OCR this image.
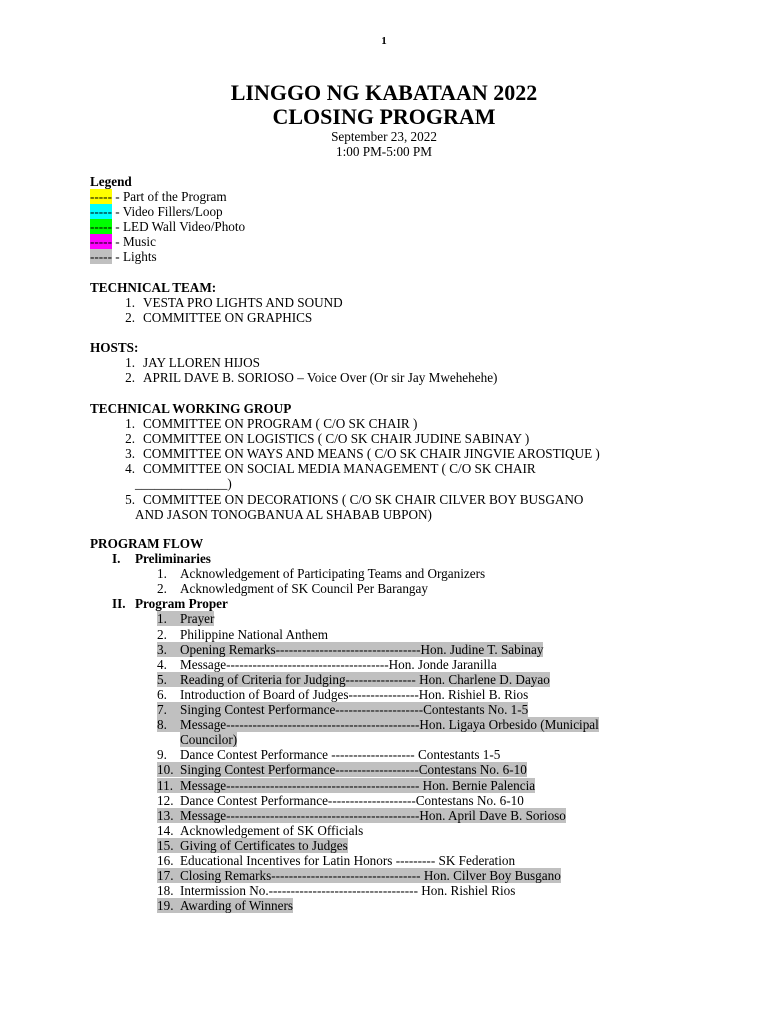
1
LINGGO NG KABATAAN 2022
CLOSING PROGRAM
September 23, 2022
1:00 PM-5:00 PM
Legend
----- - Part of the Program
----- - Video Fillers/Loop
----- - LED Wall Video/Photo
----- - Music
----- - Lights
TECHNICAL TEAM:
1. VESTA PRO LIGHTS AND SOUND
2. COMMITTEE ON GRAPHICS
HOSTS:
1. JAY LLOREN HIJOS
2. APRIL DAVE B. SORIOSO – Voice Over (Or sir Jay Mwehehehe)
TECHNICAL WORKING GROUP
1. COMMITTEE ON PROGRAM ( C/O SK CHAIR )
2. COMMITTEE ON LOGISTICS ( C/O SK CHAIR JUDINE SABINAY )
3. COMMITTEE ON WAYS AND MEANS ( C/O SK CHAIR JINGVIE AROSTIQUE )
4. COMMITTEE ON SOCIAL MEDIA MANAGEMENT ( C/O SK CHAIR
______________)
5. COMMITTEE ON DECORATIONS ( C/O SK CHAIR CILVER BOY BUSGANO
AND JASON TONOGBANUA AL SHABAB UBPON)
PROGRAM FLOW
I. Preliminaries
1. Acknowledgement of Participating Teams and Organizers
2. Acknowledgment of SK Council Per Barangay
II. Program Proper
1. Prayer
2. Philippine National Anthem
3. Opening Remarks---------------------------------Hon. Judine T. Sabinay
4. Message-------------------------------------Hon. Jonde Jaranilla
5. Reading of Criteria for Judging---------------- Hon. Charlene D. Dayao
6. Introduction of Board of Judges----------------Hon. Rishiel B. Rios
7. Singing Contest Performance--------------------Contestants No. 1-5
8. Message--------------------------------------------Hon. Ligaya Orbesido (Municipal
Councilor)
9. Dance Contest Performance ------------------- Contestants 1-5
10. Singing Contest Performance-------------------Contestans No. 6-10
11. Message-------------------------------------------- Hon. Bernie Palencia
12. Dance Contest Performance--------------------Contestans No. 6-10
13. Message--------------------------------------------Hon. April Dave B. Sorioso
14. Acknowledgement of SK Officials
15. Giving of Certificates to Judges
16. Educational Incentives for Latin Honors --------- SK Federation
17. Closing Remarks---------------------------------- Hon. Cilver Boy Busgano
18. Intermission No.---------------------------------- Hon. Rishiel Rios
19. Awarding of Winners
